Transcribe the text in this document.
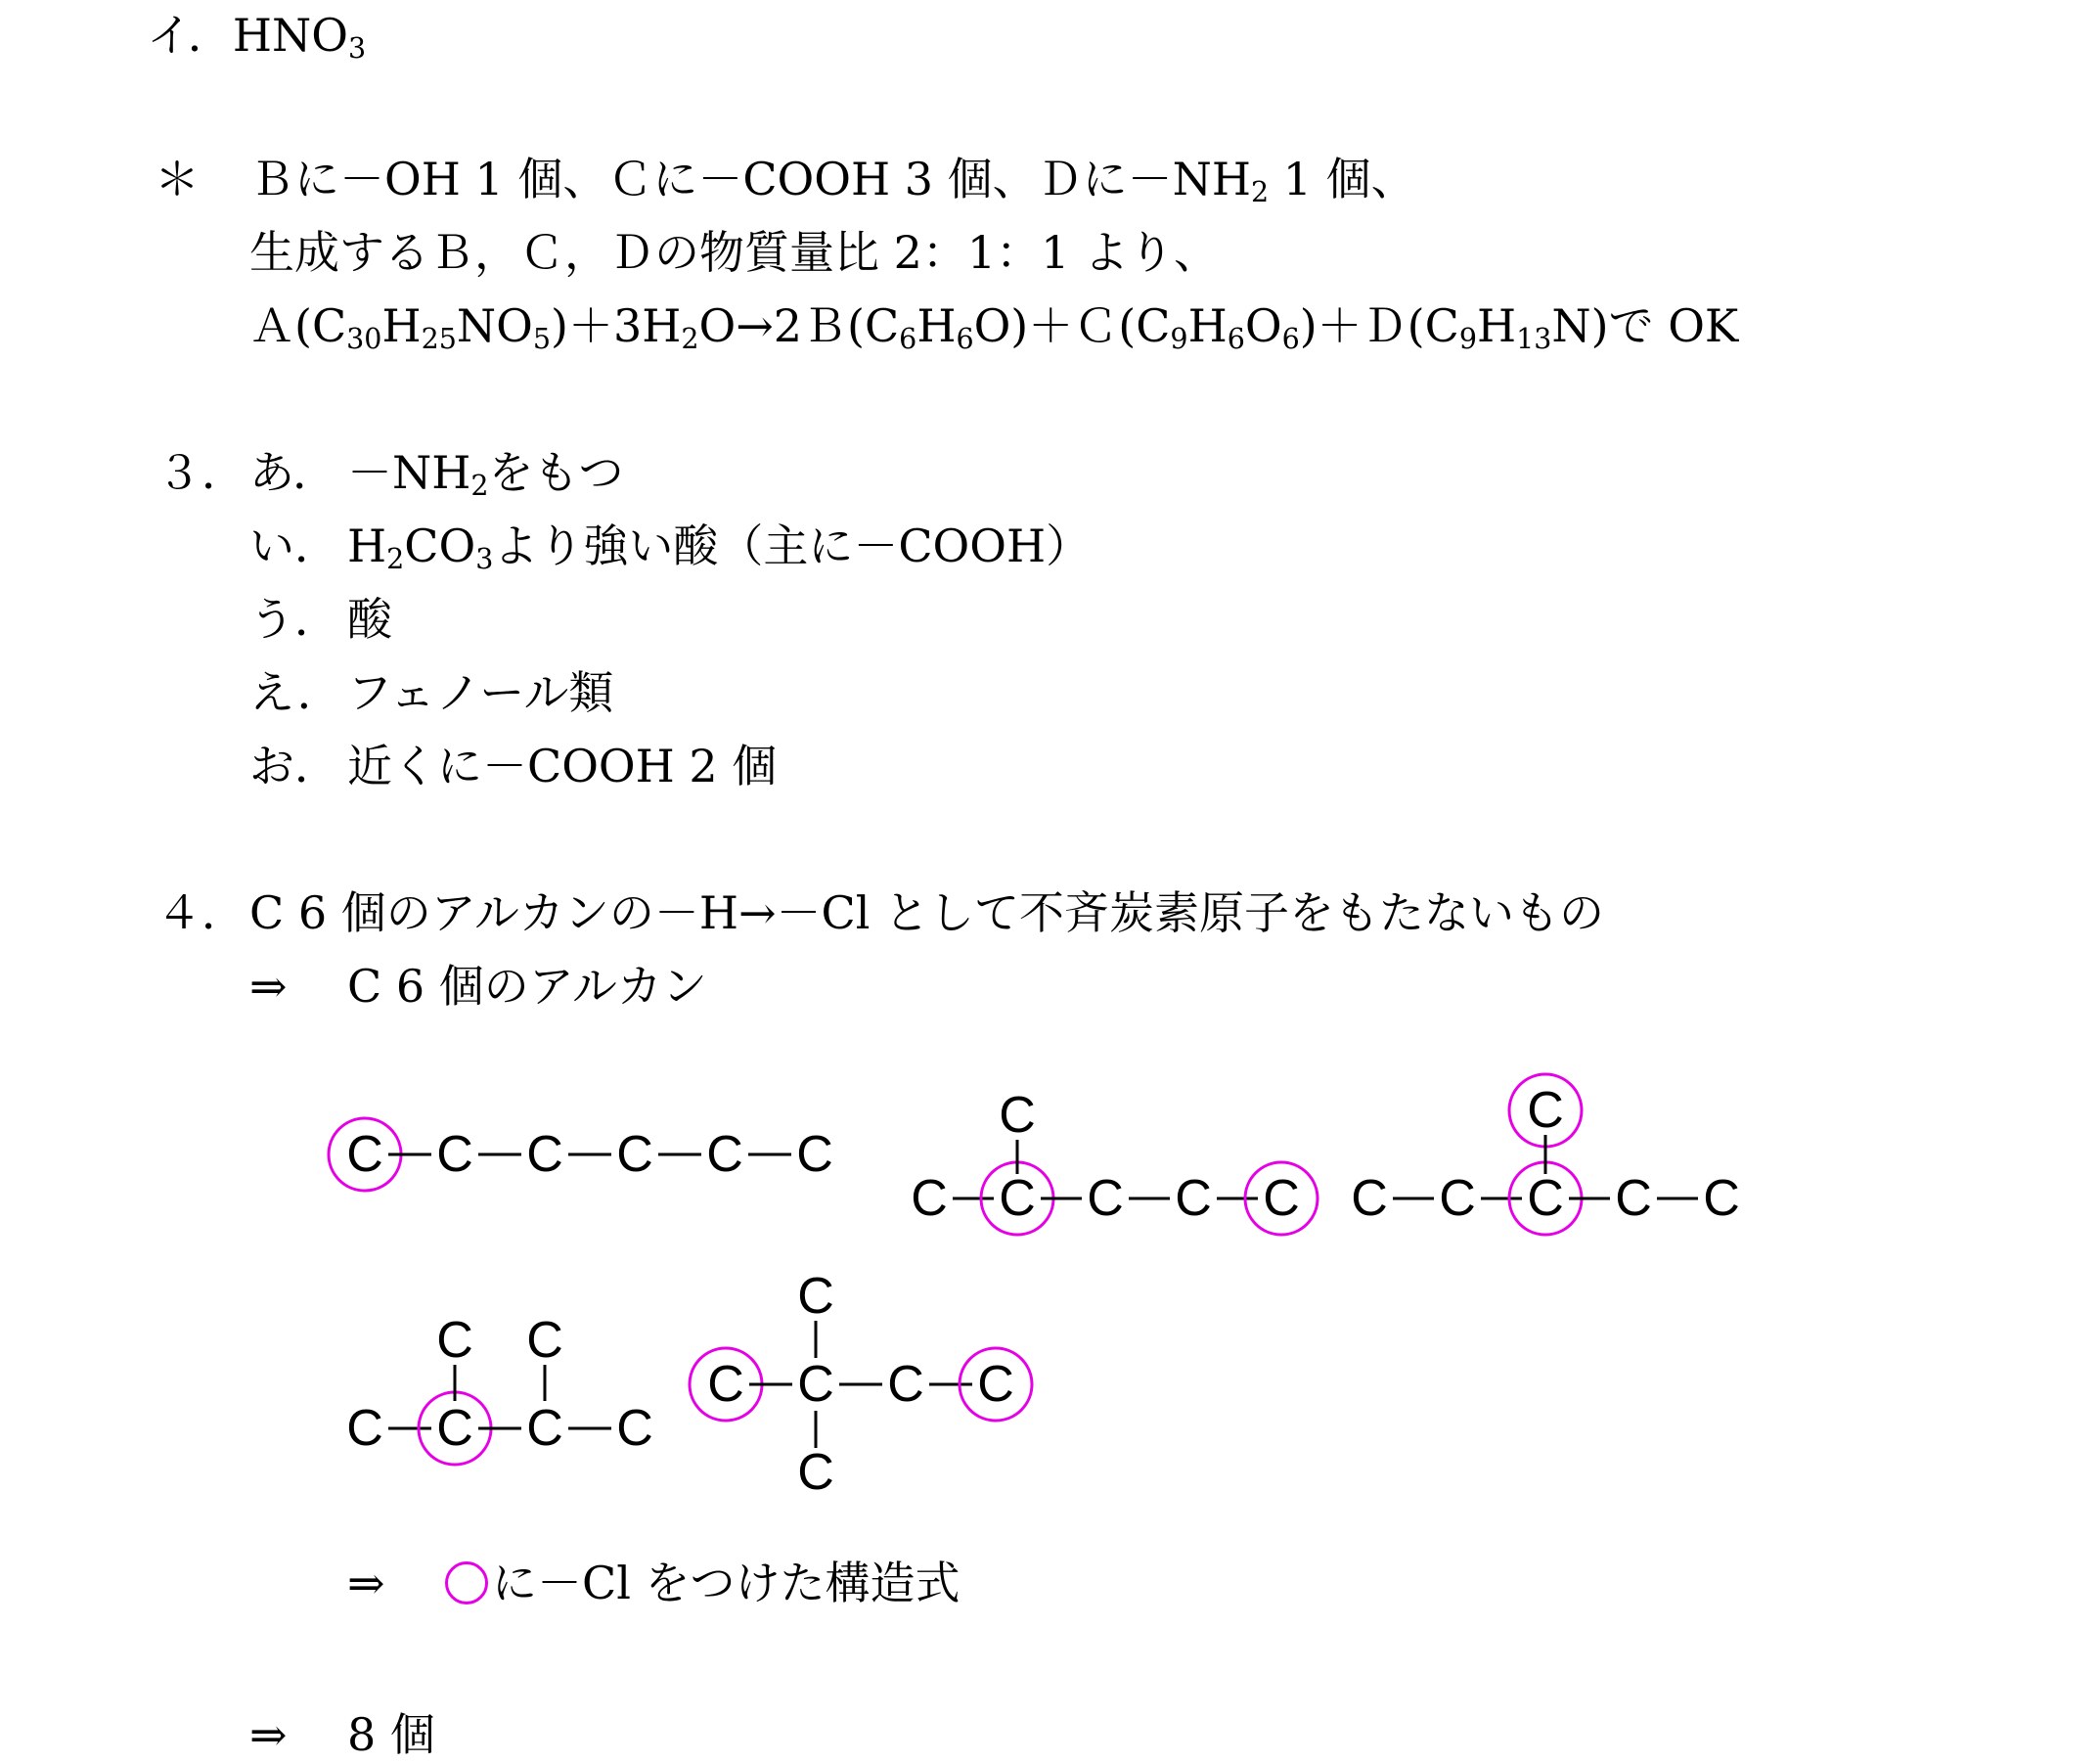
イ．$HNO_3$
＊ Ｂに－OH 1 個、Ｃに－COOH 3 個、Ｄに$-NH_2$ 1 個、
生成するＢ，Ｃ，Ｄの物質量比 2：1：1 より、
$A(C_{30}H_{25}NO_5)+3H_2O\to 2B(C_6H_6O)+C(C_9H_6O_6)+D(C_9H_{13}N)$で OK
３． あ． $-NH_2$をもつ
い． $H_2CO_3$より強い酸（主に－COOH）
う． 酸
え． フェノール類
お． 近くに－COOH 2 個
４． C 6 個のアルカンの－H→－Cl として不斉炭素原子をもたないもの
⇒ C 6 個のアルカン
C C C C C C
C C C C C
C
C C C C C
C
C C C C
C C
C C C C
C
C
⇒ に－Cl をつけた構造式
⇒ 8 個
